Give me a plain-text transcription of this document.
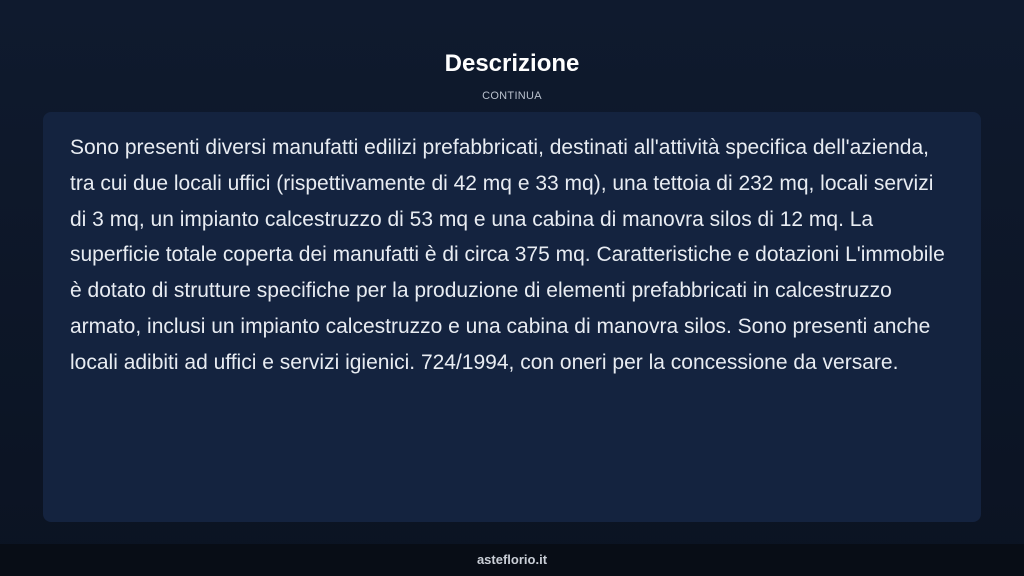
Descrizione
CONTINUA

Sono presenti diversi manufatti edilizi prefabbricati, destinati all'attività specifica dell'azienda, tra cui due locali uffici (rispettivamente di 42 mq e 33 mq), una tettoia di 232 mq, locali servizi di 3 mq, un impianto calcestruzzo di 53 mq e una cabina di manovra silos di 12 mq. La superficie totale coperta dei manufatti è di circa 375 mq. Caratteristiche e dotazioni L'immobile è dotato di strutture specifiche per la produzione di elementi prefabbricati in calcestruzzo armato, inclusi un impianto calcestruzzo e una cabina di manovra silos. Sono presenti anche locali adibiti ad uffici e servizi igienici. 724/1994, con oneri per la concessione da versare.

asteflorio.it
